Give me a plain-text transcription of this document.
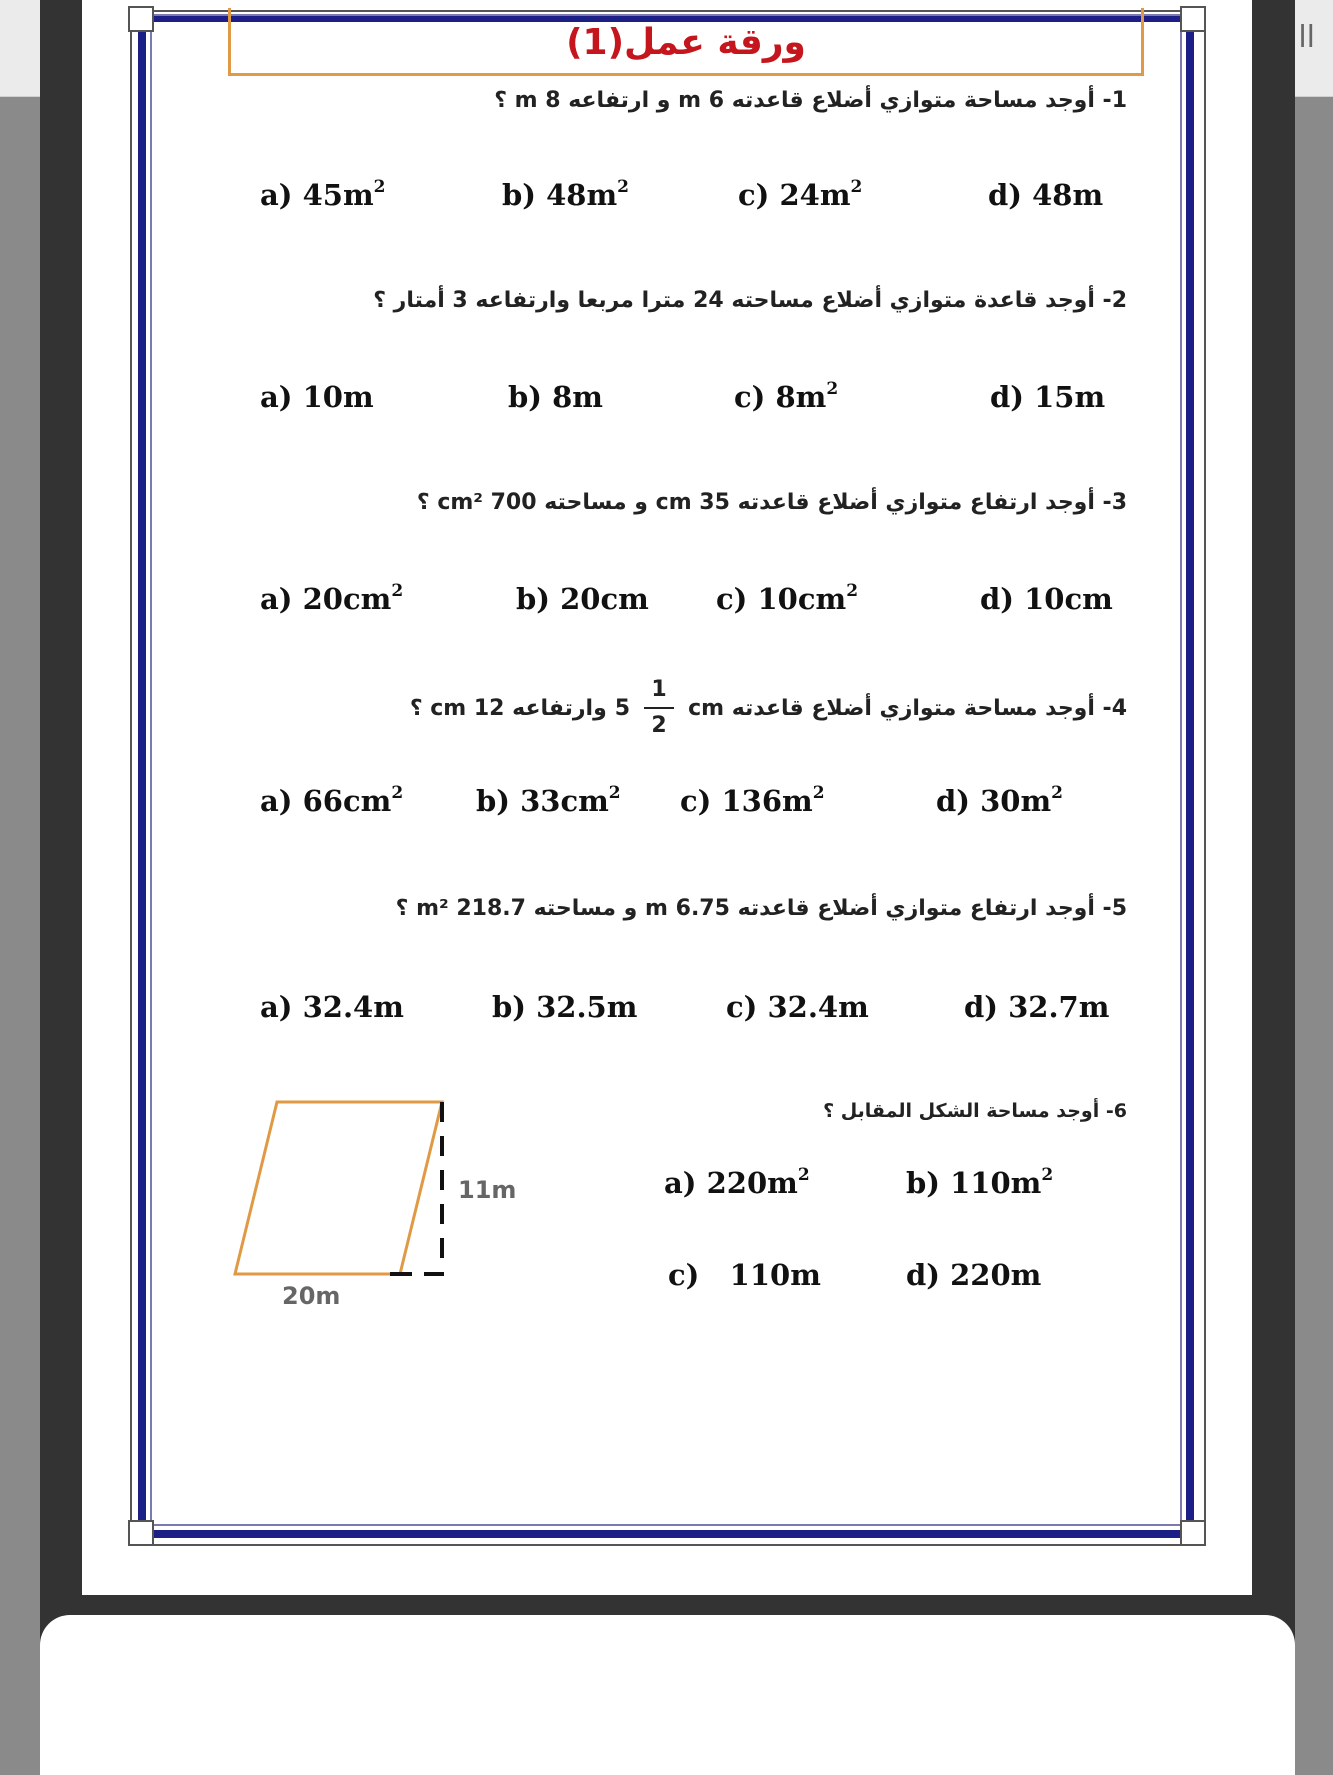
اا
ورقة عمل(1)
1- أوجد مساحة متوازي أضلاع قاعدته 6 m و ارتفاعه 8 m ؟
a) $45m^2$	b) $48m^2$	c) $24m^2$	d) 48m
2- أوجد قاعدة متوازي أضلاع مساحته 24 مترا مربعا وارتفاعه 3 أمتار ؟
a) 10m	b) 8m	c) $8m^2$	d) 15m
3- أوجد ارتفاع متوازي أضلاع قاعدته 35 cm و مساحته 700 cm² ؟
a) $20cm^2$	b) 20cm c) $10cm^2$	d) 10cm
4- أوجد مساحة متوازي أضلاع قاعدته cm
$\frac{1}{2}$
5
وارتفاعه 12 cm ؟
a) $66cm^2$	b) $33cm^2$ c) $136m^2$	d) $30m^2$
5- أوجد ارتفاع متوازي أضلاع قاعدته 6.75 m و مساحته 218.7 m² ؟
a) 32.4m	b) 32.5m	c) 32.4m	d) 32.7m
6- أوجد مساحة الشكل المقابل ؟
11m
20m
a) $220m^2$	b) $110m^2$
c)   110m	d) 220m
